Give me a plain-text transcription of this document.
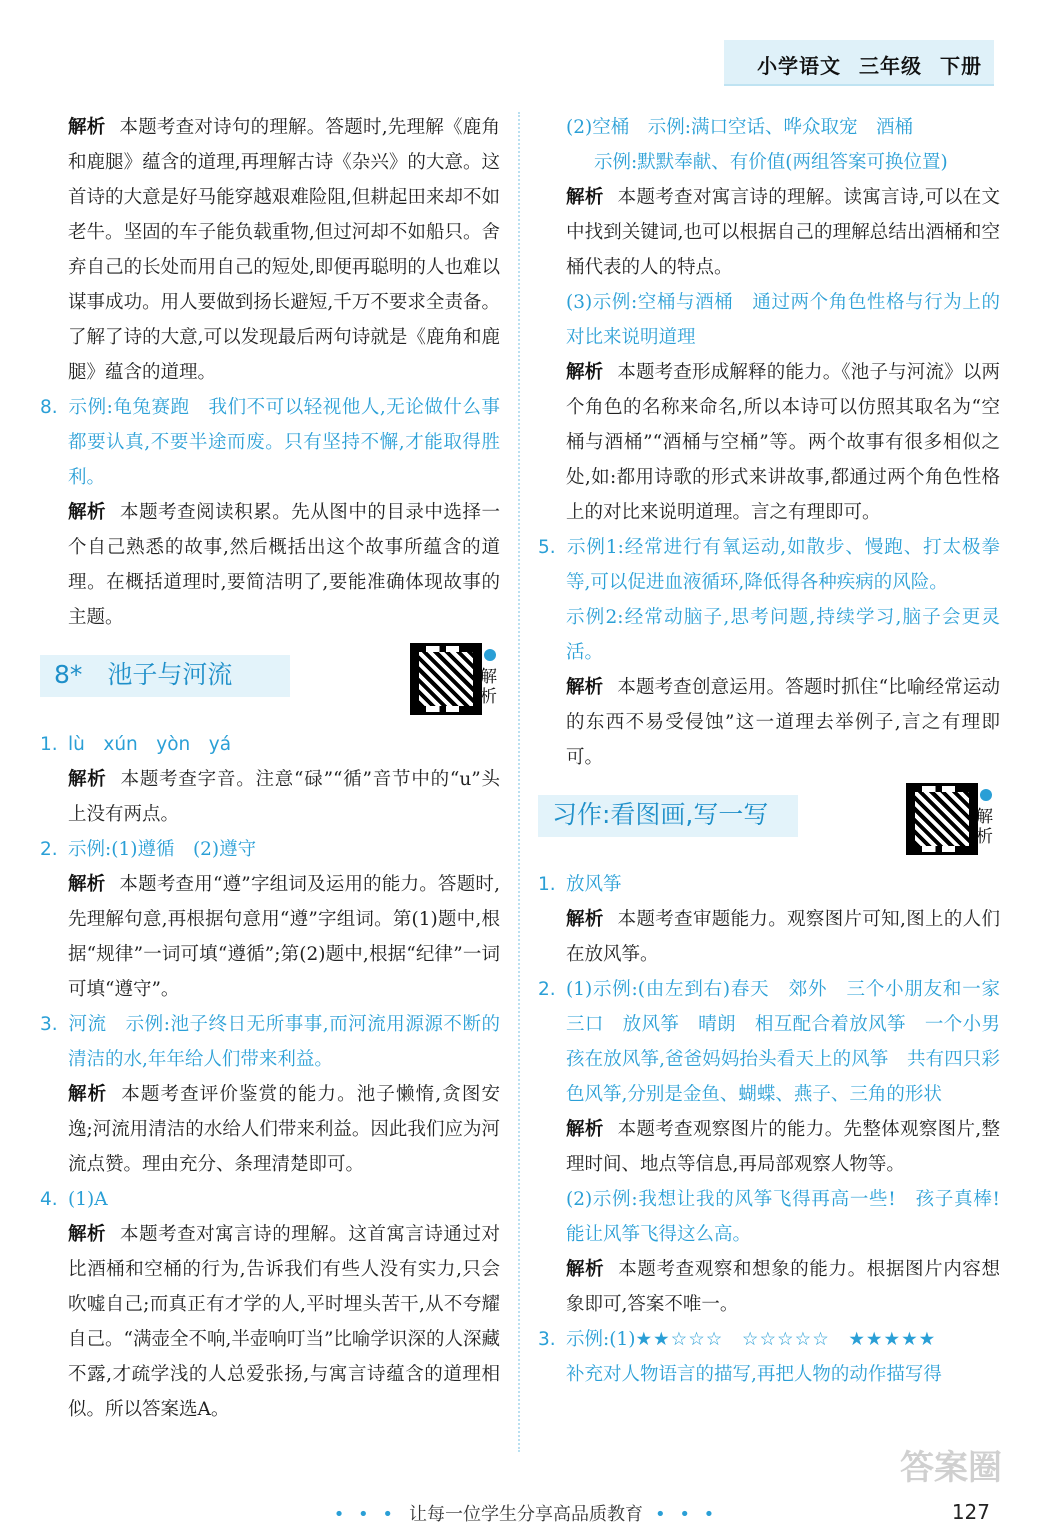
小学语文 三年级 下册
解析 本题考查对诗句的理解。答题时,先理解《鹿角和鹿腿》蕴含的道理,再理解古诗《杂兴》的大意。这首诗的大意是好马能穿越艰难险阻,但耕起田来却不如老牛。坚固的车子能负载重物,但过河却不如船只。舍弃自己的长处而用自己的短处,即便再聪明的人也难以谋事成功。用人要做到扬长避短,千万不要求全责备。了解了诗的大意,可以发现最后两句诗就是《鹿角和鹿腿》蕴含的道理。
8. 示例:龟兔赛跑　我们不可以轻视他人,无论做什么事都要认真,不要半途而废。只有坚持不懈,才能取得胜利。
解析 本题考查阅读积累。先从图中的目录中选择一个自己熟悉的故事,然后概括出这个故事所蕴含的道理。在概括道理时,要简洁明了,要能准确体现故事的主题。
8*  池子与河流	解析
1. lù　xún　yòn　yá
解析 本题考查字音。注意“碌”“循”音节中的“u”头上没有两点。
2. 示例:(1)遵循　(2)遵守
解析 本题考查用“遵”字组词及运用的能力。答题时,先理解句意,再根据句意用“遵”字组词。第(1)题中,根据“规律”一词可填“遵循”;第(2)题中,根据“纪律”一词可填“遵守”。
3. 河流　示例:池子终日无所事事,而河流用源源不断的清洁的水,年年给人们带来利益。
解析 本题考查评价鉴赏的能力。池子懒惰,贪图安逸;河流用清洁的水给人们带来利益。因此我们应为河流点赞。理由充分、条理清楚即可。
4. (1)A
解析 本题考查对寓言诗的理解。这首寓言诗通过对比酒桶和空桶的行为,告诉我们有些人没有实力,只会吹嘘自己;而真正有才学的人,平时埋头苦干,从不夸耀自己。“满壶全不响,半壶响叮当”比喻学识深的人深藏不露,才疏学浅的人总爱张扬,与寓言诗蕴含的道理相似。所以答案选A。
(2)空桶　示例:满口空话、哗众取宠　酒桶
示例:默默奉献、有价值(两组答案可换位置)
解析 本题考查对寓言诗的理解。读寓言诗,可以在文中找到关键词,也可以根据自己的理解总结出酒桶和空桶代表的人的特点。
(3)示例:空桶与酒桶　通过两个角色性格与行为上的对比来说明道理
解析 本题考查形成解释的能力。《池子与河流》以两个角色的名称来命名,所以本诗可以仿照其取名为“空桶与酒桶”“酒桶与空桶”等。两个故事有很多相似之处,如:都用诗歌的形式来讲故事,都通过两个角色性格上的对比来说明道理。言之有理即可。
5. 示例1:经常进行有氧运动,如散步、慢跑、打太极拳等,可以促进血液循环,降低得各种疾病的风险。
示例2:经常动脑子,思考问题,持续学习,脑子会更灵活。
解析 本题考查创意运用。答题时抓住“比喻经常运动的东西不易受侵蚀”这一道理去举例子,言之有理即可。
习作:看图画,写一写	解析
1. 放风筝
解析 本题考查审题能力。观察图片可知,图上的人们在放风筝。
2. (1)示例:(由左到右)春天　郊外　三个小朋友和一家三口　放风筝　晴朗　相互配合着放风筝　一个小男孩在放风筝,爸爸妈妈抬头看天上的风筝　共有四只彩色风筝,分别是金鱼、蝴蝶、燕子、三角的形状
解析 本题考查观察图片的能力。先整体观察图片,整理时间、地点等信息,再局部观察人物等。
(2)示例:我想让我的风筝飞得再高一些!　孩子真棒!能让风筝飞得这么高。
解析 本题考查观察和想象的能力。根据图片内容想象即可,答案不唯一。
3. 示例:(1)★★☆☆☆  ☆☆☆☆☆  ★★★★★
补充对人物语言的描写,再把人物的动作描写得
答案圈
• • • 让每一位学生分享高品质教育 • • •	127
